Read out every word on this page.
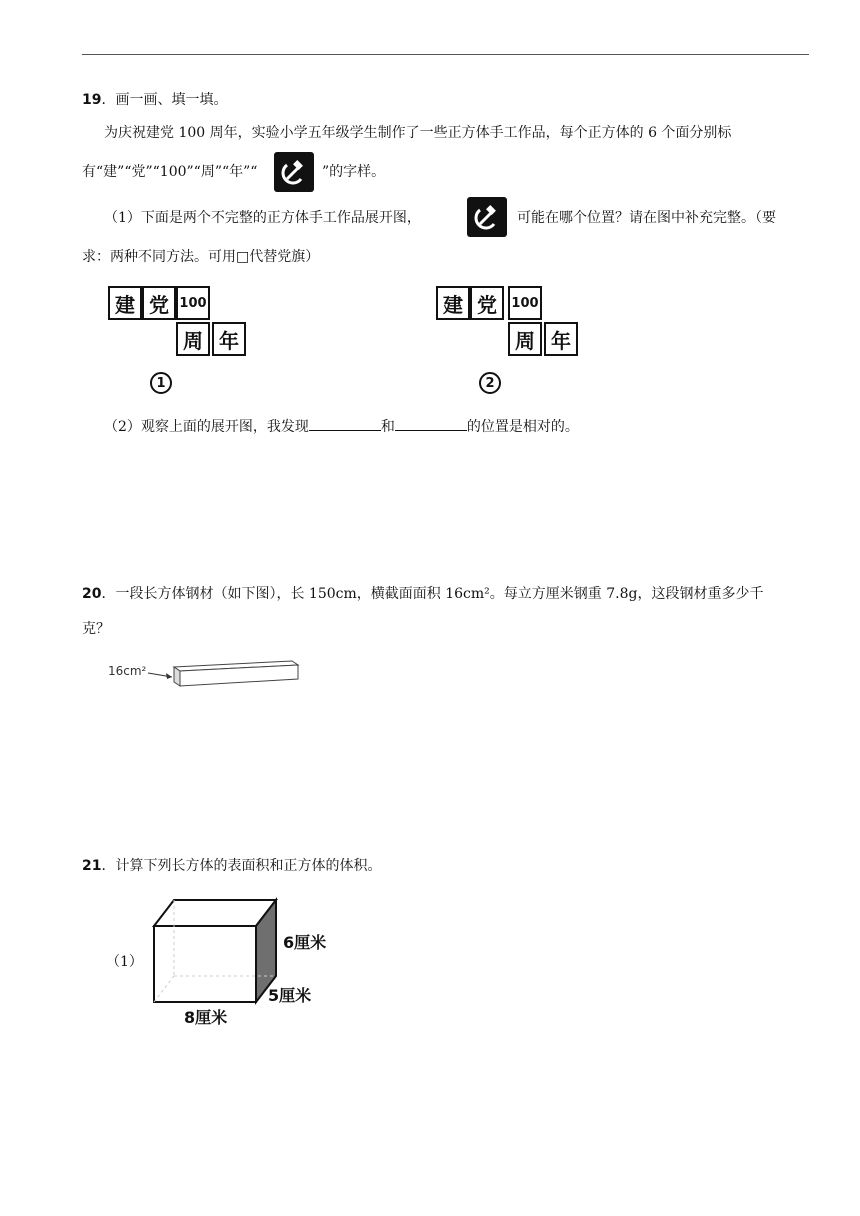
19．画一画、填一填。
为庆祝建党 100 周年，实验小学五年级学生制作了一些正方体手工作品，每个正方体的 6 个面分别标
有“建”“党”“100”“周”“年”“	”的字样。
（1）下面是两个不完整的正方体手工作品展开图，	可能在哪个位置？请在图中补充完整。（要
求：两种不同方法。可用□代替党旗）
建 党 100
周 年
1
建 党	100
周 年
2
（2）观察上面的展开图，我发现	和	的位置是相对的。
20．一段长方体钢材（如下图），长 150cm，横截面面积 16cm²。每立方厘米钢重 7.8g，这段钢材重多少千
克？
16cm²
21．计算下列长方体的表面积和正方体的体积。
（1）
6厘米
5厘米
8厘米
